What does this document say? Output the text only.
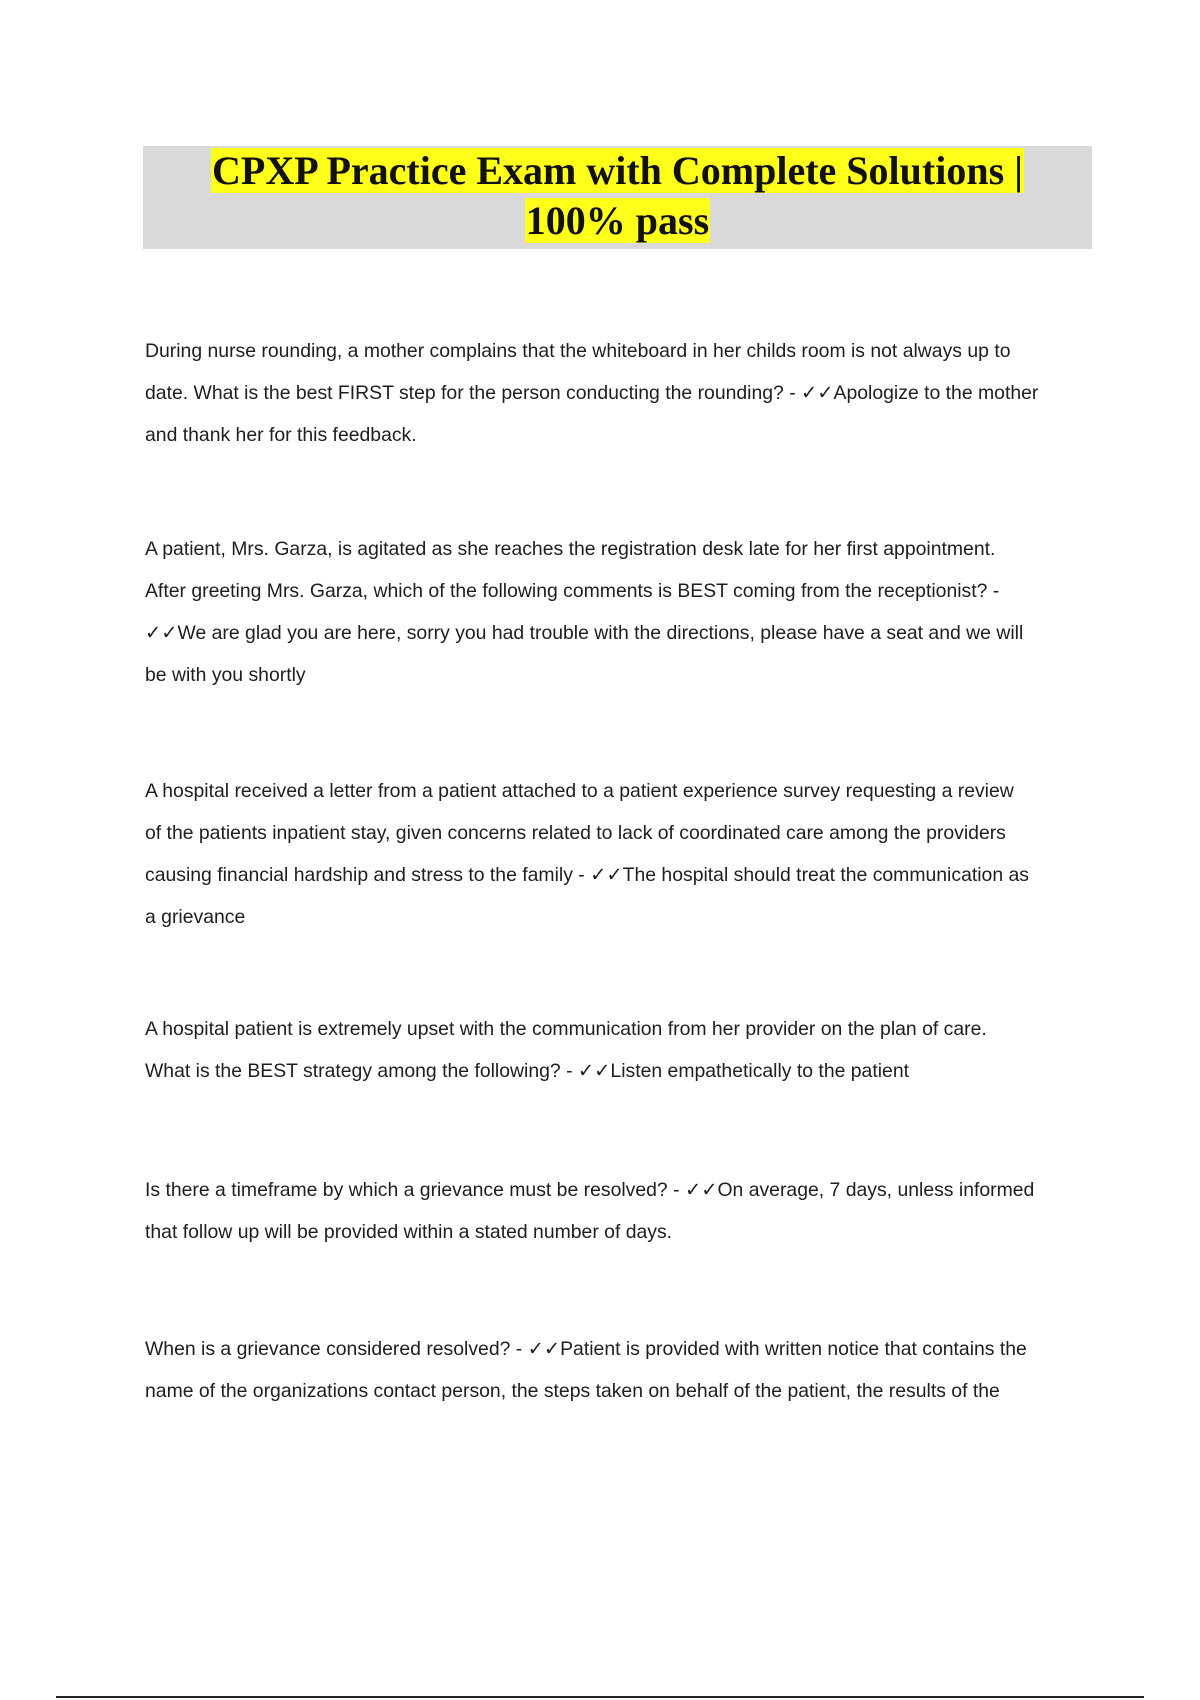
CPXP Practice Exam with Complete Solutions |
100% pass
During nurse rounding, a mother complains that the whiteboard in her childs room is not always up to
date. What is the best FIRST step for the person conducting the rounding? - ✓✓Apologize to the mother
and thank her for this feedback.
A patient, Mrs. Garza, is agitated as she reaches the registration desk late for her first appointment.
After greeting Mrs. Garza, which of the following comments is BEST coming from the receptionist? -
✓✓We are glad you are here, sorry you had trouble with the directions, please have a seat and we will
be with you shortly
A hospital received a letter from a patient attached to a patient experience survey requesting a review
of the patients inpatient stay, given concerns related to lack of coordinated care among the providers
causing financial hardship and stress to the family - ✓✓The hospital should treat the communication as
a grievance
A hospital patient is extremely upset with the communication from her provider on the plan of care.
What is the BEST strategy among the following? - ✓✓Listen empathetically to the patient
Is there a timeframe by which a grievance must be resolved? - ✓✓On average, 7 days, unless informed
that follow up will be provided within a stated number of days.
When is a grievance considered resolved? - ✓✓Patient is provided with written notice that contains the
name of the organizations contact person, the steps taken on behalf of the patient, the results of the
